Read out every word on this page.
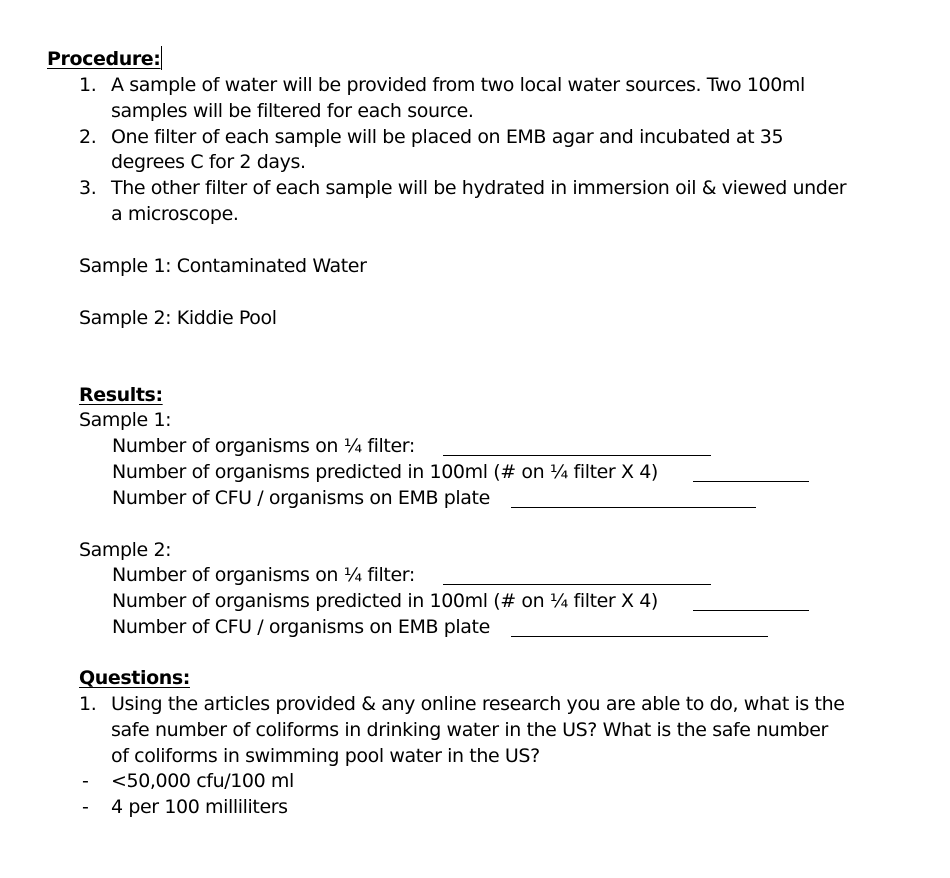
Procedure:
1. A sample of water will be provided from two local water sources. Two 100ml
samples will be filtered for each source.
2. One filter of each sample will be placed on EMB agar and incubated at 35
degrees C for 2 days.
3. The other filter of each sample will be hydrated in immersion oil & viewed under
a microscope.
Sample 1: Contaminated Water
Sample 2: Kiddie Pool
Results:
Sample 1:
Number of organisms on ¼ filter:
Number of organisms predicted in 100ml (# on ¼ filter X 4)
Number of CFU / organisms on EMB plate
Sample 2:
Number of organisms on ¼ filter:
Number of organisms predicted in 100ml (# on ¼ filter X 4)
Number of CFU / organisms on EMB plate
Questions:
1. Using the articles provided & any online research you are able to do, what is the
safe number of coliforms in drinking water in the US? What is the safe number
of coliforms in swimming pool water in the US?
- <50,000 cfu/100 ml
- 4 per 100 milliliters
